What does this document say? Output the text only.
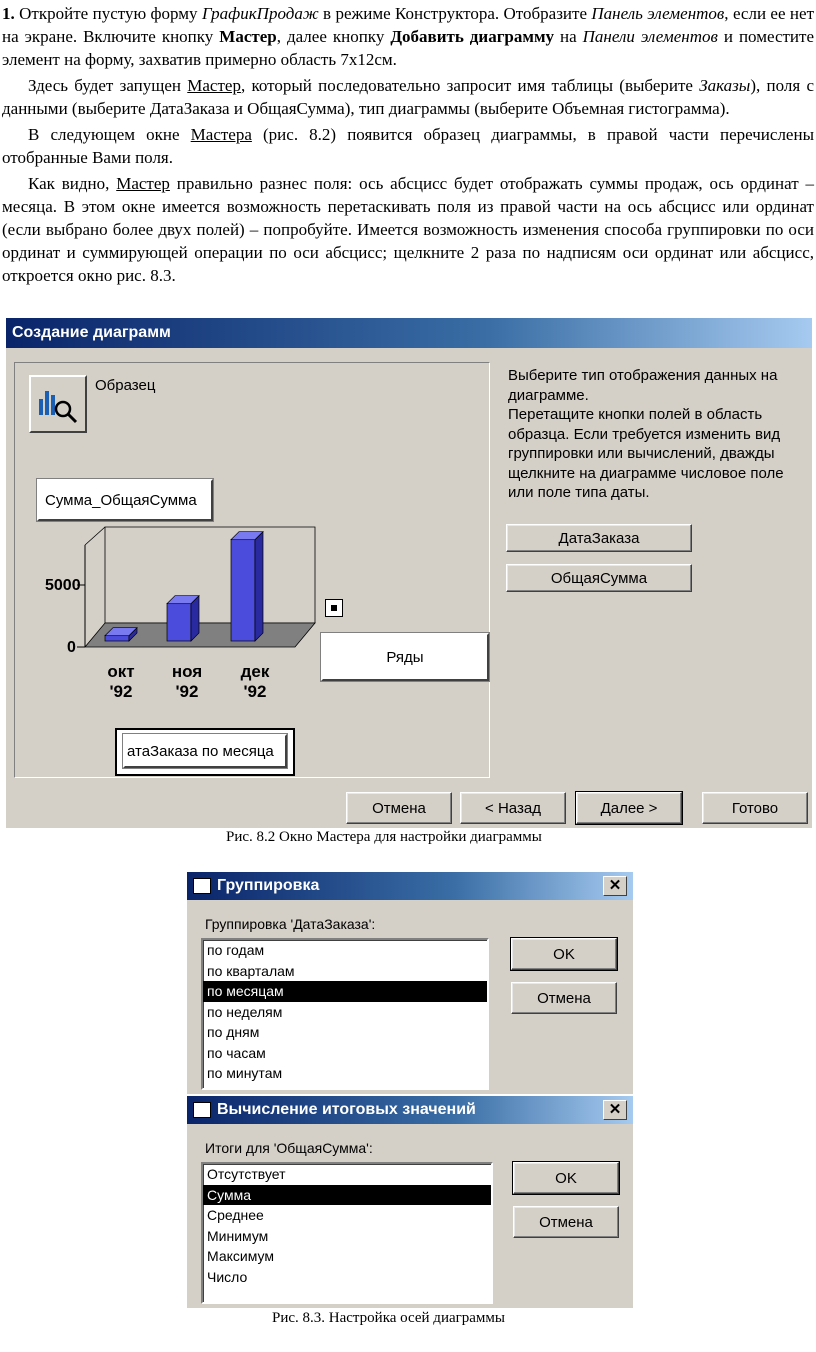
1. Откройте пустую форму ГрафикПродаж в режиме Конструктора. Отобразите Панель элементов, если ее нет на экране. Включите кнопку Мастер, далее кнопку Добавить диаграмму на Панели элементов и поместите элемент на форму, захватив примерно область 7х12см.

Здесь будет запущен Мастер, который последовательно запросит имя таблицы (выберите Заказы), поля с данными (выберите ДатаЗаказа и ОбщаяСумма), тип диаграммы (выберите Объемная гистограмма).

В следующем окне Мастера (рис. 8.2) появится образец диаграммы, в правой части перечислены отобранные Вами поля.

Как видно, Мастер правильно разнес поля: ось абсцисс будет отображать суммы продаж, ось ординат – месяца. В этом окне имеется возможность перетаскивать поля из правой части на ось абсцисс или ординат (если выбрано более двух полей) – попробуйте. Имеется возможность изменения способа группировки по оси ординат и суммирующей операции по оси абсцисс; щелкните 2 раза по надписям оси ординат или абсцисс, откроется окно рис. 8.3.

Создание диаграмм
Образец
Сумма_ОбщаяСумма
5000
0
окт '92
ноя '92
дек '92
Ряды
атаЗаказа по месяца
Выберите тип отображения данных на диаграмме.
Перетащите кнопки полей в область образца. Если требуется изменить вид группировки или вычислений, дважды щелкните на диаграмме числовое поле или поле типа даты.
ДатаЗаказа
ОбщаяСумма
Отмена	< Назад	Далее >	Готово
Рис. 8.2 Окно Мастера для настройки диаграммы
Группировка	✕
Группировка 'ДатаЗаказа':
по годам
по кварталам
по месяцам
по неделям
по дням
по часам
по минутам
OK
Отмена
Вычисление итоговых значений	✕
Итоги для 'ОбщаяСумма':
Отсутствует
Сумма
Среднее
Минимум
Максимум
Число
OK
Отмена
Рис. 8.3. Настройка осей диаграммы
